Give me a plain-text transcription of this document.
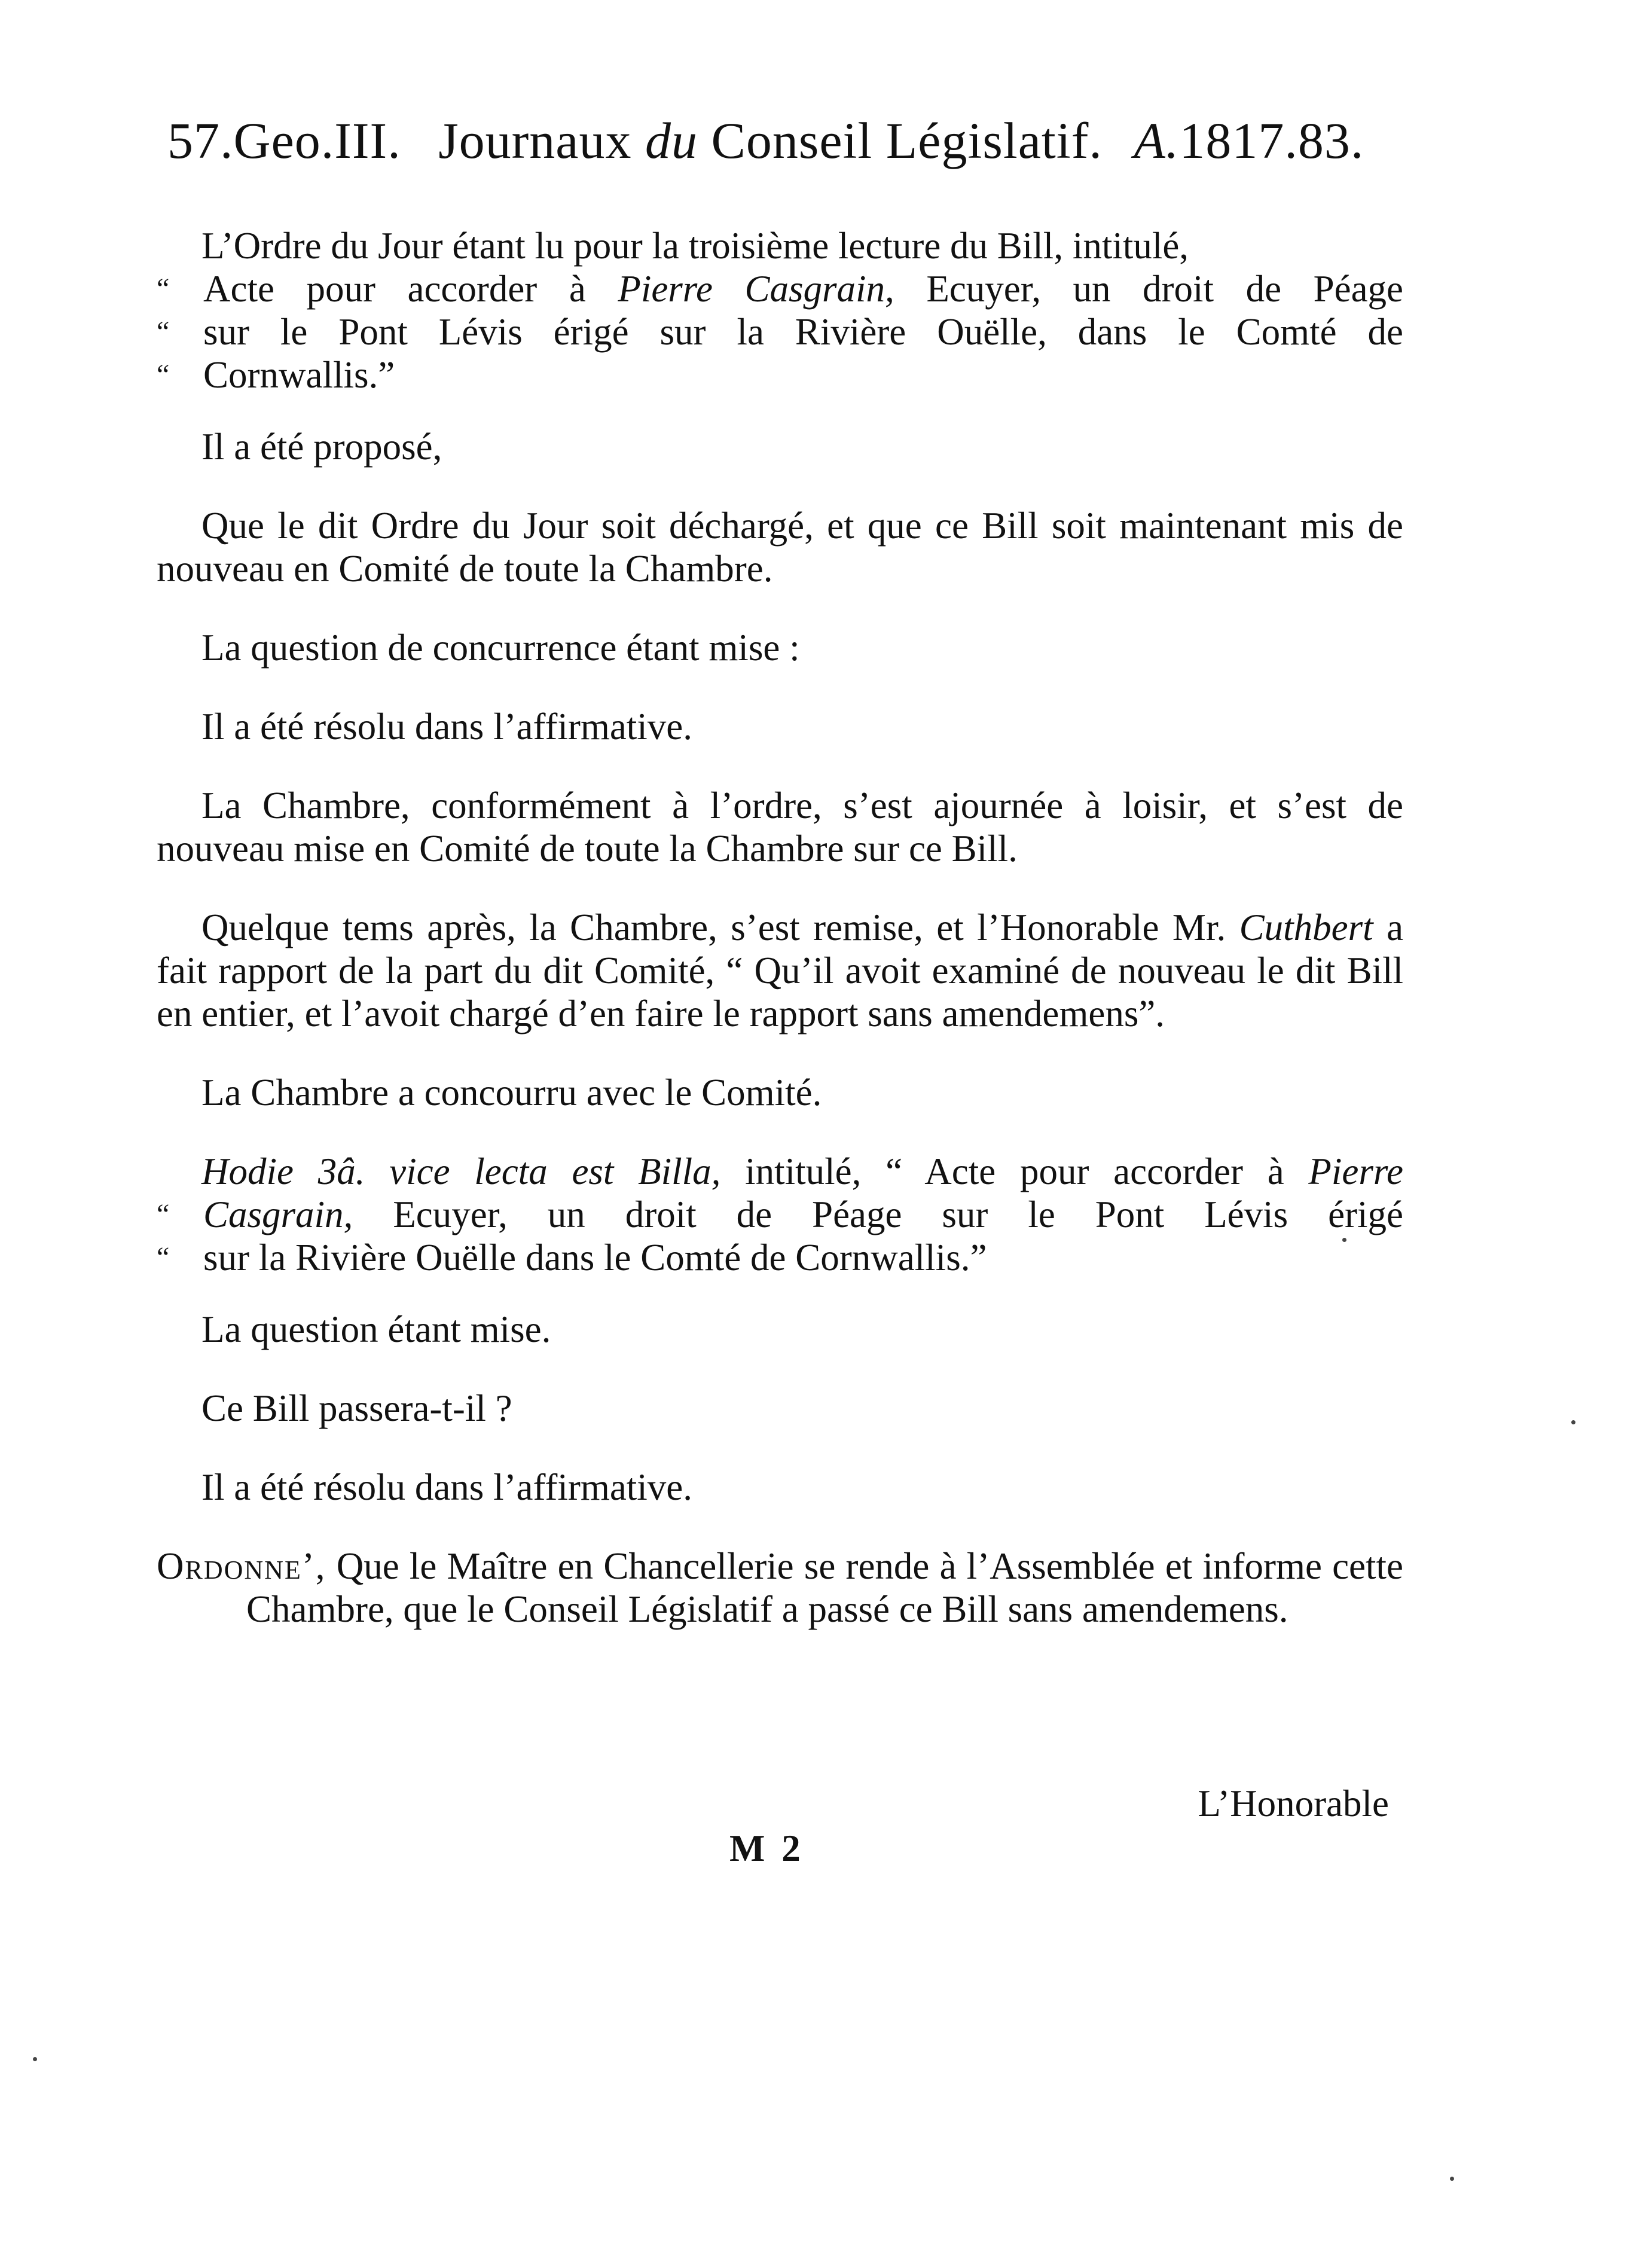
57.Geo.III. Journaux du Conseil Législatif. A.1817.83.

L’Ordre du Jour étant lu pour la troisième lecture du Bill, intitulé,
“ Acte pour accorder à Pierre Casgrain, Ecuyer, un droit de Péage
“ sur le Pont Lévis érigé sur la Rivière Ouëlle, dans le Comté de
“ Cornwallis.”

Il a été proposé,

Que le dit Ordre du Jour soit déchargé, et que ce Bill soit maintenant mis de nouveau en Comité de toute la Chambre.

La question de concurrence étant mise :

Il a été résolu dans l’affirmative.

La Chambre, conformément à l’ordre, s’est ajournée à loisir, et s’est de nouveau mise en Comité de toute la Chambre sur ce Bill.

Quelque tems après, la Chambre, s’est remise, et l’Honorable Mr. Cuthbert a fait rapport de la part du dit Comité, “ Qu’il avoit examiné de nouveau le dit Bill en entier, et l’avoit chargé d’en faire le rapport sans amendemens”.

La Chambre a concourru avec le Comité.

Hodie 3â. vice lecta est Billa, intitulé, “ Acte pour accorder à Pierre
“ Casgrain, Ecuyer, un droit de Péage sur le Pont Lévis érigé
“ sur la Rivière Ouëlle dans le Comté de Cornwallis.”

La question étant mise.

Ce Bill passera-t-il ?

Il a été résolu dans l’affirmative.

Ordonne’, Que le Maître en Chancellerie se rende à l’Assemblée et informe cette Chambre, que le Conseil Législatif a passé ce Bill sans amendemens.

L’Honorable
M 2
